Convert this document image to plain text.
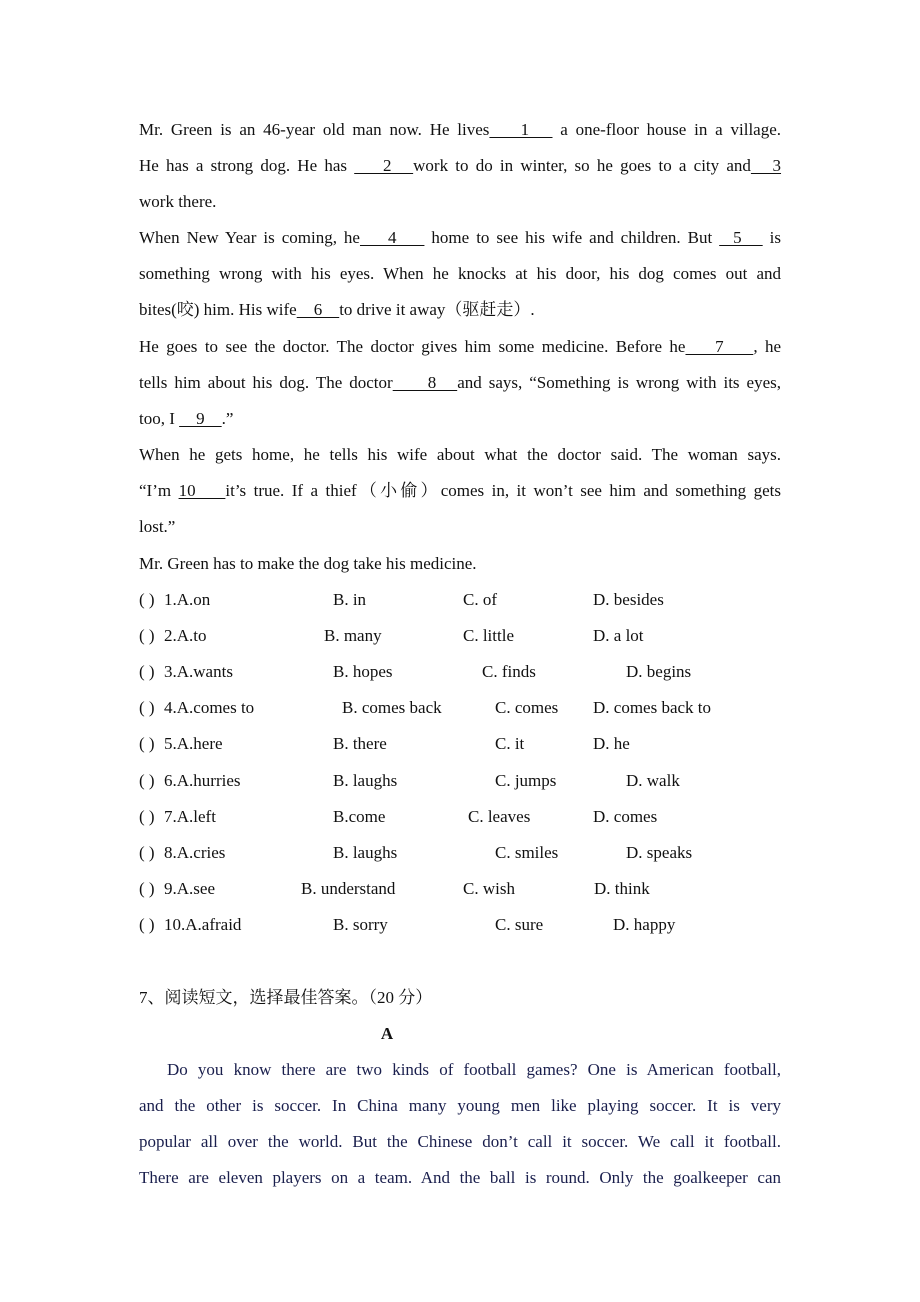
Mr. Green is an 46-year old man now. He lives    1    a one-floor house in a village.
He has a strong dog. He has     2   work to do in winter, so he goes to a city and   3
work there.
When New Year is coming, he    4     home to see his wife and children. But   5    is
something wrong with his eyes. When he knocks at his door, his dog comes out and
bites(咬) him. His wife    6    to drive it away（驱赶走）.
He goes to see the doctor. The doctor gives him some medicine. Before he    7    , he
tells him about his dog. The doctor     8   and says, “Something is wrong with its eyes,
too, I     9    .”
When he gets home, he tells his wife about what the doctor said. The woman says.
“I’m 10    it’s true. If a thief（小偷）comes in, it won’t see him and something gets
lost.”
Mr. Green has to make the dog take his medicine.
( ) 1.A.on	B. in	C. of	D. besides
( ) 2.A.to	B. many	C. little	D. a lot
( ) 3.A.wants	B. hopes	C. finds	D. begins
( ) 4.A.comes to	B. comes back	C. comes D. comes back to
( ) 5.A.here	B. there	C. it	D. he
( ) 6.A.hurries	B. laughs	C. jumps	D. walk
( ) 7.A.left	B.come	C. leaves	D. comes
( ) 8.A.cries	B. laughs	C. smiles	D. speaks
( ) 9.A.see	B. understand	C. wish	D. think
( ) 10.A.afraid	B. sorry	C. sure	D. happy
7、阅读短文，选择最佳答案。（20 分）
A
Do you know there are two kinds of football games? One is American football,
and the other is soccer. In China many young men like playing soccer. It is very
popular all over the world. But the Chinese don’t call it soccer. We call it football.
There are eleven players on a team. And the ball is round. Only the goalkeeper can
